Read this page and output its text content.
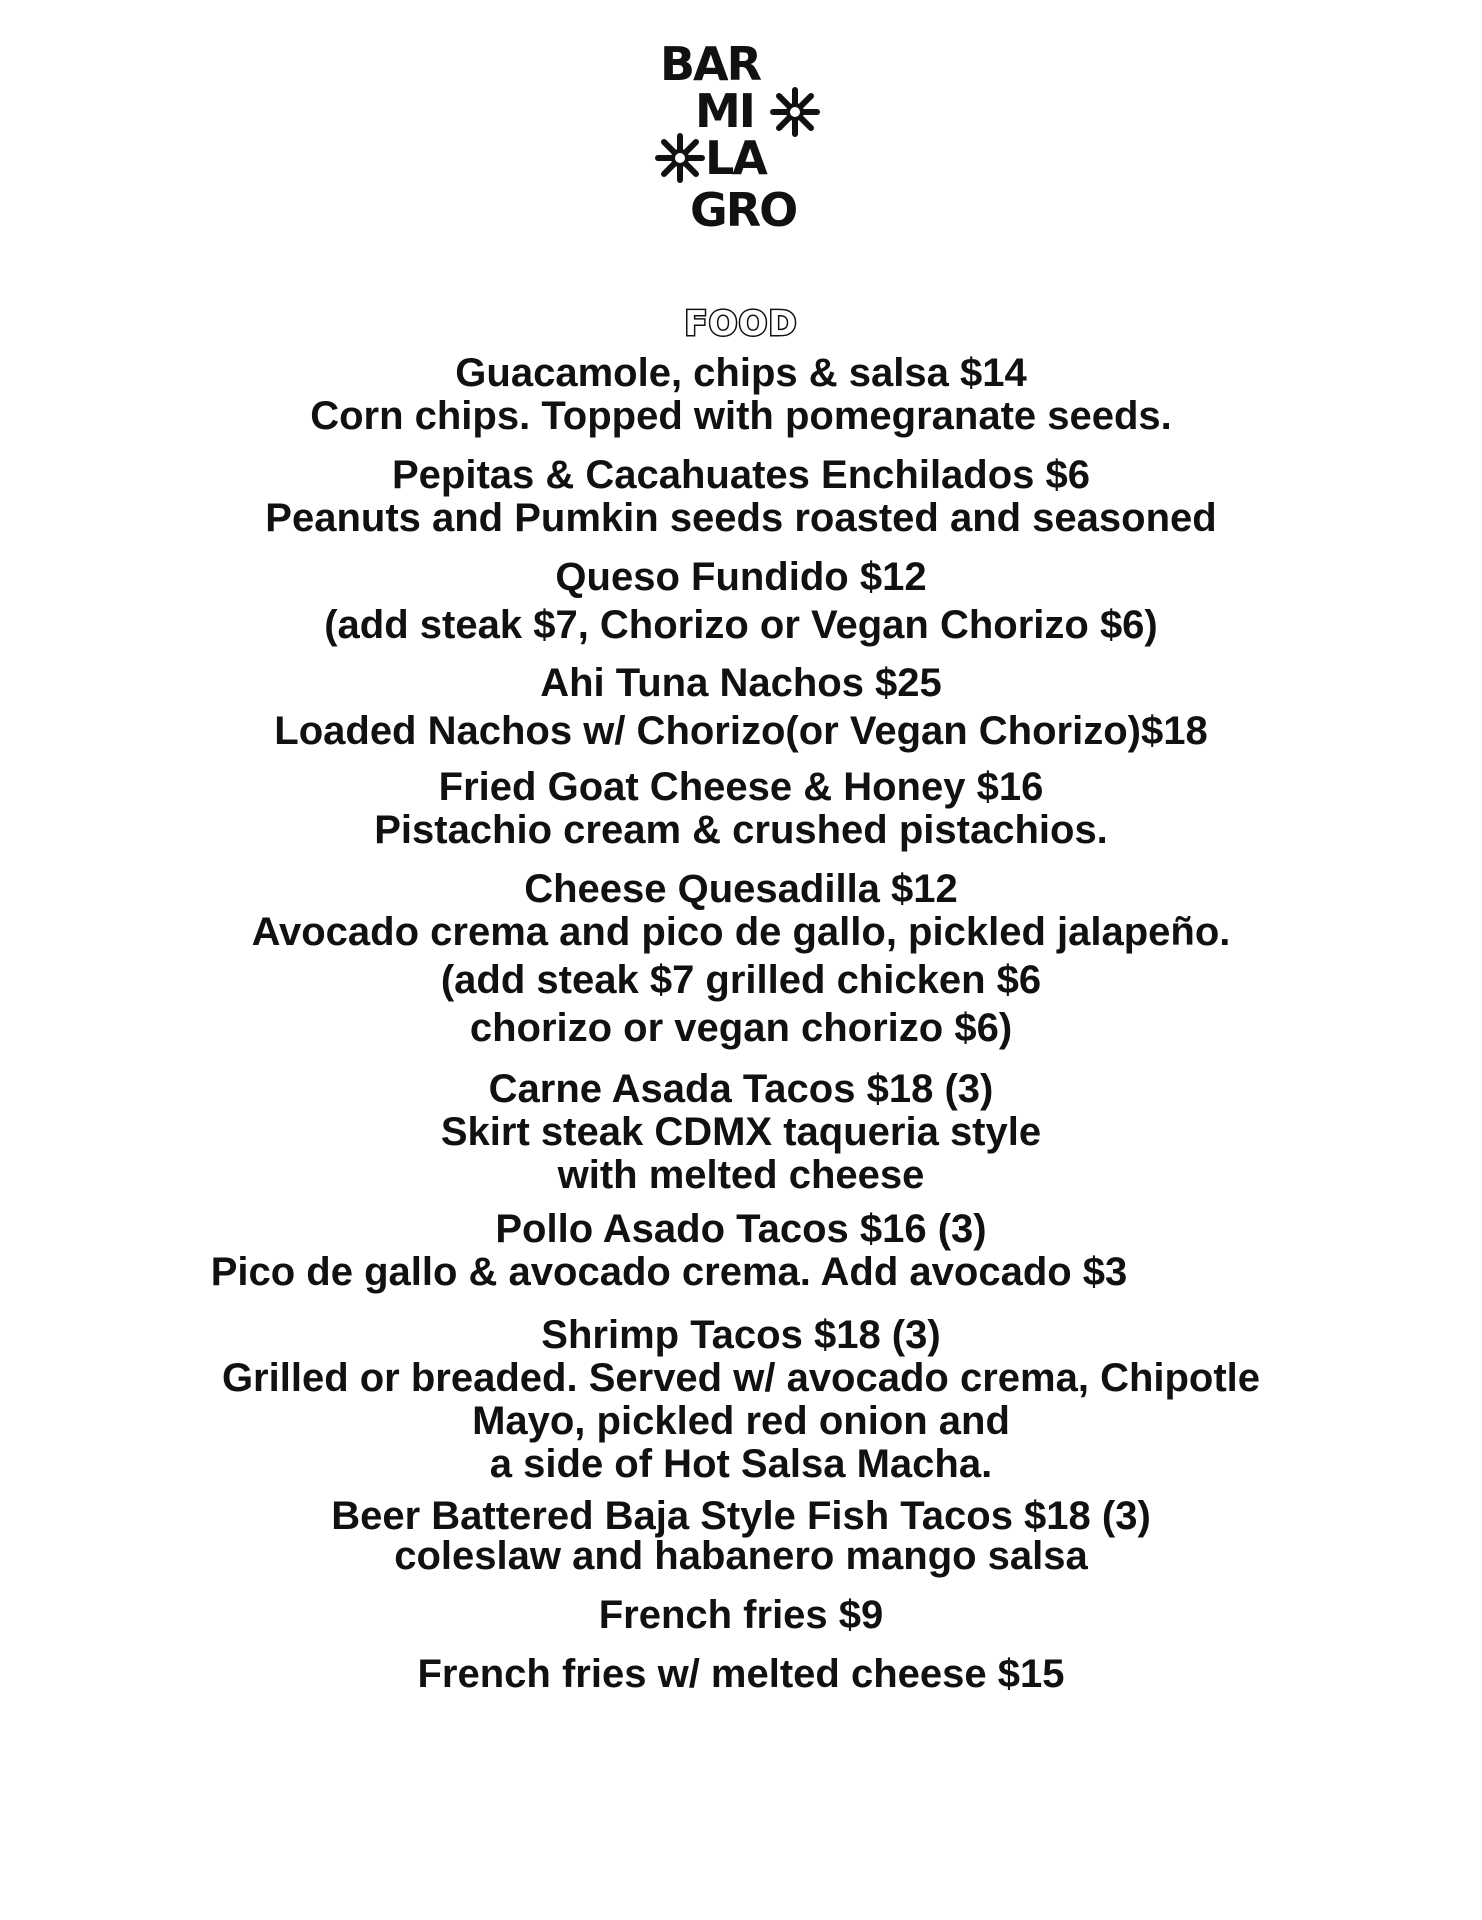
BAR
MI
LA
GRO
FOOD
Guacamole, chips & salsa $14
Corn chips. Topped with pomegranate seeds.
Pepitas & Cacahuates Enchilados $6
Peanuts and Pumkin seeds roasted and seasoned
Queso Fundido $12
(add steak $7, Chorizo or Vegan Chorizo $6)
Ahi Tuna Nachos $25
Loaded Nachos w/ Chorizo(or Vegan Chorizo)$18
Fried Goat Cheese & Honey $16
Pistachio cream & crushed pistachios.
Cheese Quesadilla $12
Avocado crema and pico de gallo, pickled jalapeño.
(add steak $7 grilled chicken $6
chorizo or vegan chorizo $6)
Carne Asada Tacos $18 (3)
Skirt steak CDMX taqueria style
with melted cheese
Pollo Asado Tacos $16 (3)
Pico de gallo & avocado crema. Add avocado $3
Shrimp Tacos $18 (3)
Grilled or breaded. Served w/ avocado crema, Chipotle
Mayo, pickled red onion and
a side of Hot Salsa Macha.
Beer Battered Baja Style Fish Tacos $18 (3)
coleslaw and habanero mango salsa
French fries $9
French fries w/ melted cheese $15
